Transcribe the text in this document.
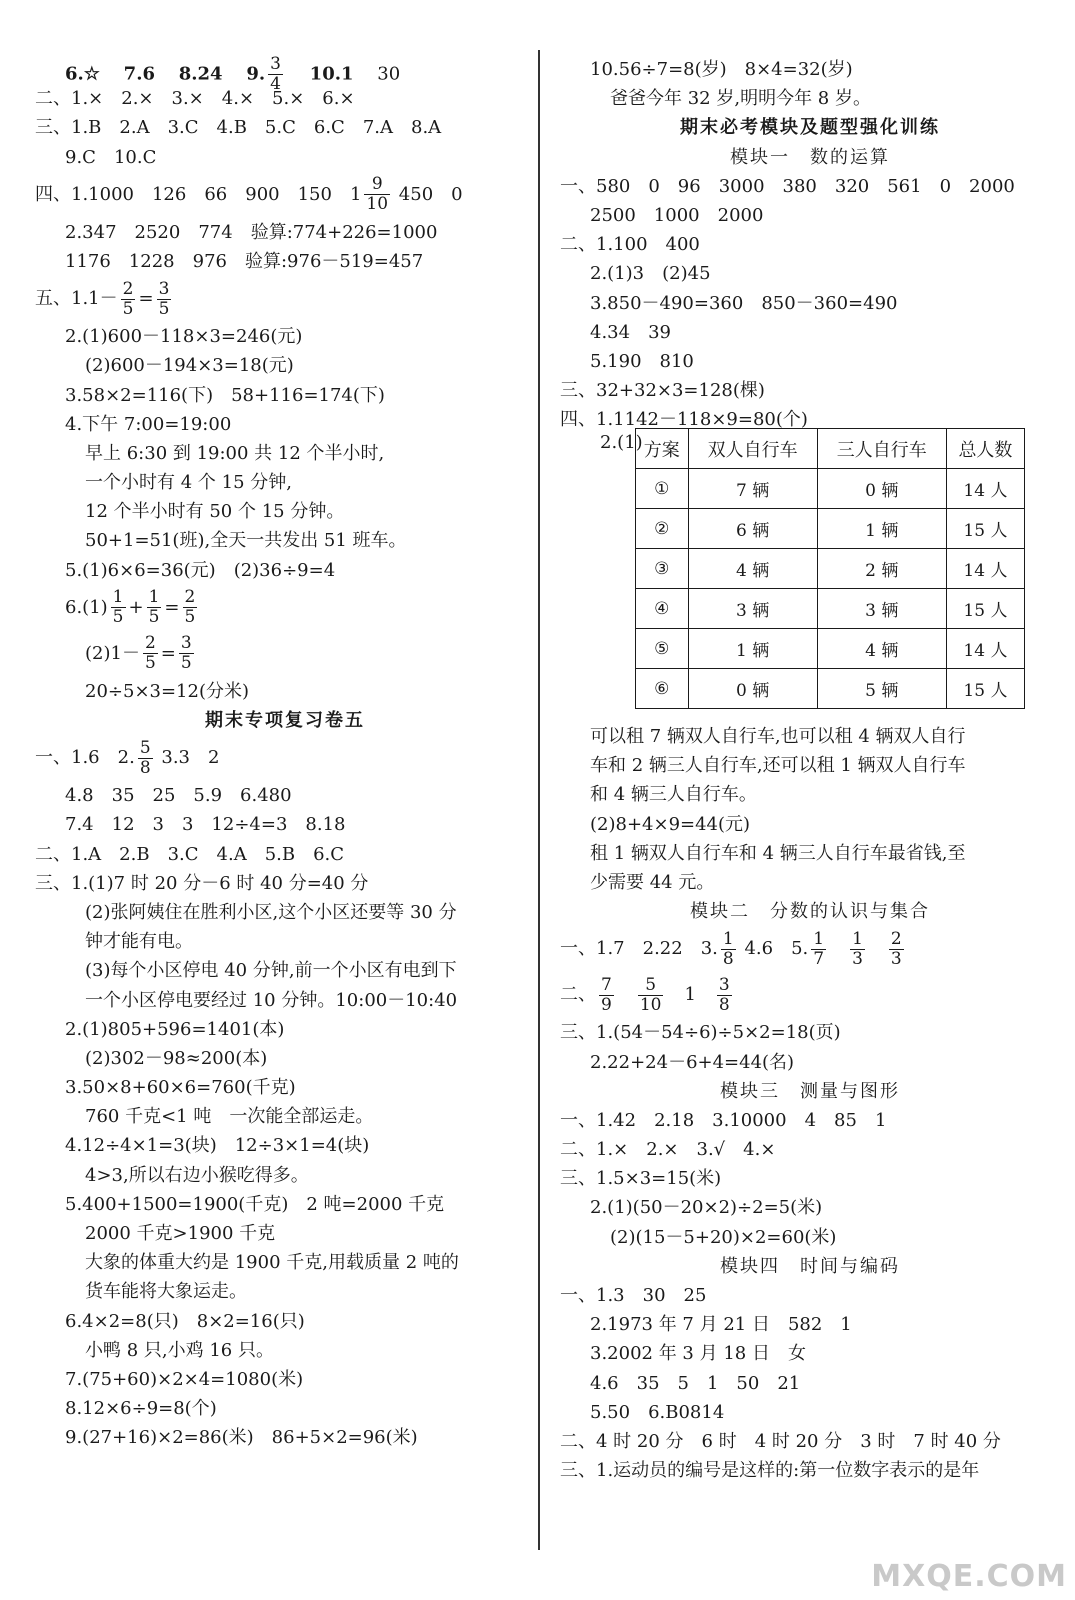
6.☆　 7.6　 8.24　 9. $\frac{3}{4}$
　 10.1　 30
二、1.×　2.×　3.×　4.×　5.×　6.×
三、1.B　2.A　3.C　4.B　5.C　6.C　7.A　8.A
9.C　10.C
四、1.1000　126　66　900　150　$1 \frac{9}{10} 450$　0
2.347　2520　774　验算:774+226=1000
1176　1228　976　验算:976－519=457
五、$1.1- \frac{2}{5} = \frac{3}{5}$
2.(1)600－118×3=246(元)
(2)600－194×3=18(元)
3.58×2=116(下)　58+116=174(下)
4.下午 7:00=19:00
早上 6:30 到 19:00 共 12 个半小时,
一个小时有 4 个 15 分钟,
12 个半小时有 50 个 15 分钟。
50+1=51(班),全天一共发出 51 班车。
5.(1)6×6=36(元)　(2)36÷9=4
$6.(1) \frac{1}{5} + \frac{1}{5} = \frac{2}{5}$
$(2)1- \frac{2}{5} = \frac{3}{5}$
20÷5×3=12(分米)
期末专项复习卷五
一、1.6　2. $\frac{5}{8} 3.3$　2
4.8　35　25　5.9　6.480
7.4　12　3　3　12÷4=3　8.18
二、1.A　2.B　3.C　4.A　5.B　6.C
三、1.(1)7 时 20 分－6 时 40 分=40 分
(2)张阿姨住在胜利小区,这个小区还要等 30 分
钟才能有电。
(3)每个小区停电 40 分钟,前一个小区有电到下
一个小区停电要经过 10 分钟。10:00－10:40
2.(1)805+596=1401(本)
(2)302－98≈200(本)
3.50×8+60×6=760(千克)
760 千克<1 吨　一次能全部运走。
4.12÷4×1=3(块)　12÷3×1=4(块)
4>3,所以右边小猴吃得多。
5.400+1500=1900(千克)　2 吨=2000 千克
2000 千克>1900 千克
大象的体重大约是 1900 千克,用载质量 2 吨的
货车能将大象运走。
6.4×2=8(只)　8×2=16(只)
小鸭 8 只,小鸡 16 只。
7.(75+60)×2×4=1080(米)
8.12×6÷9=8(个)
9.(27+16)×2=86(米)　86+5×2=96(米)
10.56÷7=8(岁)　8×4=32(岁)
爸爸今年 32 岁,明明今年 8 岁。
期末必考模块及题型强化训练
模块一　数的运算
一、580　0　96　3000　380　320　561　0　2000
2500　1000　2000
二、1.100　400
2.(1)3　(2)45
3.850－490=360　850－360=490
4.34　39
5.190　810
三、32+32×3=128(棵)
四、1.1142－118×9=80(个)
2.(1) 方案	双人自行车	三人自行车	总人数
①	7 辆	0 辆	14 人
②	6 辆	1 辆	15 人
③	4 辆	2 辆	14 人
④	3 辆	3 辆	15 人
⑤	1 辆	4 辆	14 人
⑥	0 辆	5 辆	15 人
可以租 7 辆双人自行车,也可以租 4 辆双人自行
车和 2 辆三人自行车,还可以租 1 辆双人自行车
和 4 辆三人自行车。
(2)8+4×9=44(元)
租 1 辆双人自行车和 4 辆三人自行车最省钱,至
少需要 44 元。
模块二　分数的认识与集合
一、1.7　2.22　3. $\frac{1}{8} 4.6$　5. $\frac{1}{7}$
　 $\frac{1}{3}$
　 $\frac{2}{3}$
二、 $\frac{7}{9}$
　 $\frac{5}{10}$
　 1　 $\frac{3}{8}$
三、1.(54－54÷6)÷5×2=18(页)
2.22+24－6+4=44(名)
模块三　测量与图形
一、1.42　2.18　3.10000　4　85　1
二、1.×　2.×　3.√　4.×
三、1.5×3=15(米)
2.(1)(50－20×2)÷2=5(米)
(2)(15－5+20)×2=60(米)
模块四　时间与编码
一、1.3　30　25
2.1973 年 7 月 21 日　582　1
3.2002 年 3 月 18 日　女
4.6　35　5　1　50　21
5.50　6.B0814
二、4 时 20 分　6 时　4 时 20 分　3 时　7 时 40 分
三、1.运动员的编号是这样的:第一位数字表示的是年
MXQE.COM
